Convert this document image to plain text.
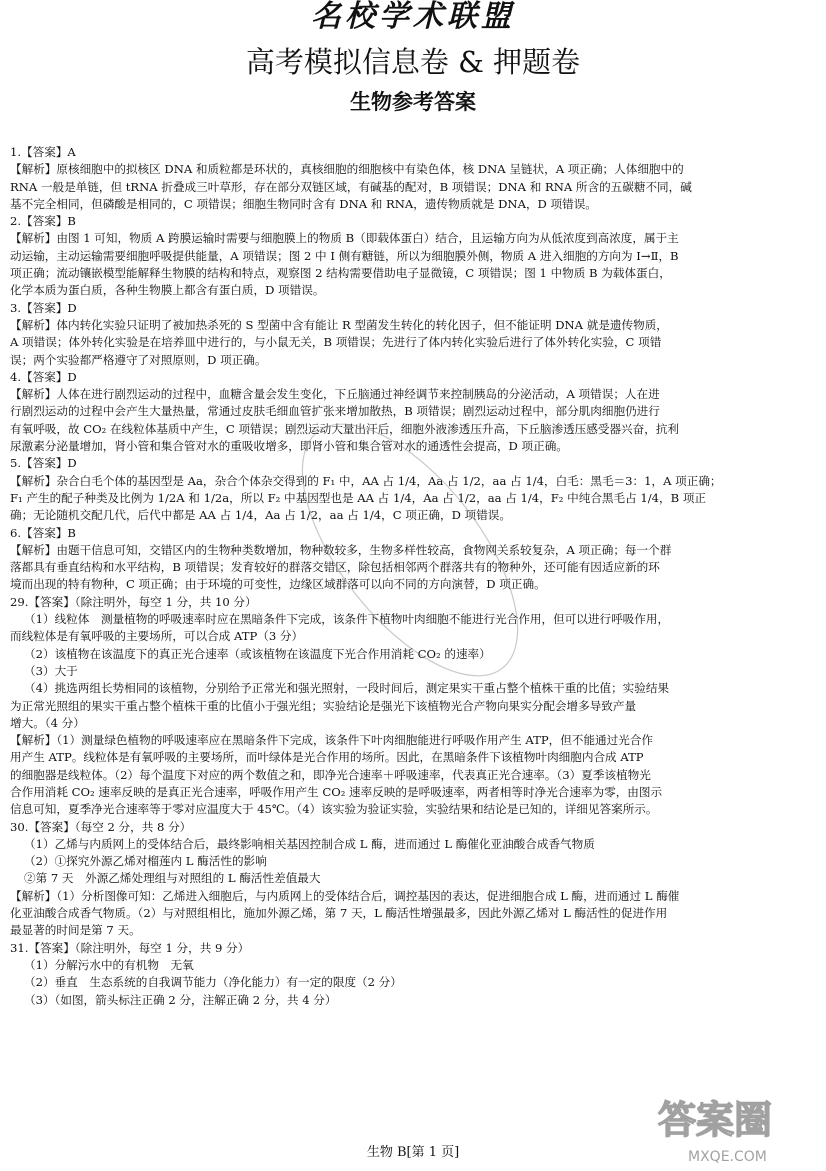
名校学术联盟
高考模拟信息卷 & 押题卷
生物参考答案
1.【答案】A
【解析】原核细胞中的拟核区 DNA 和质粒都是环状的，真核细胞的细胞核中有染色体，核 DNA 呈链状，A 项正确；人体细胞中的
RNA 一般是单链，但 tRNA 折叠成三叶草形，存在部分双链区域，有碱基的配对，B 项错误；DNA 和 RNA 所含的五碳糖不同，碱
基不完全相同，但磷酸是相同的，C 项错误；细胞生物同时含有 DNA 和 RNA，遗传物质就是 DNA，D 项错误。
2.【答案】B
【解析】由图 1 可知，物质 A 跨膜运输时需要与细胞膜上的物质 B（即载体蛋白）结合，且运输方向为从低浓度到高浓度，属于主
动运输，主动运输需要细胞呼吸提供能量，A 项错误；图 2 中 I 侧有糖链，所以为细胞膜外侧，物质 A 进入细胞的方向为 I→Ⅱ，B
项正确；流动镶嵌模型能解释生物膜的结构和特点，观察图 2 结构需要借助电子显微镜，C 项错误；图 1 中物质 B 为载体蛋白，
化学本质为蛋白质，各种生物膜上都含有蛋白质，D 项错误。
3.【答案】D
【解析】体内转化实验只证明了被加热杀死的 S 型菌中含有能让 R 型菌发生转化的转化因子，但不能证明 DNA 就是遗传物质，
A 项错误；体外转化实验是在培养皿中进行的，与小鼠无关，B 项错误；先进行了体内转化实验后进行了体外转化实验，C 项错
误；两个实验都严格遵守了对照原则，D 项正确。
4.【答案】D
【解析】人体在进行剧烈运动的过程中，血糖含量会发生变化，下丘脑通过神经调节来控制胰岛的分泌活动，A 项错误；人在进
行剧烈运动的过程中会产生大量热量，常通过皮肤毛细血管扩张来增加散热，B 项错误；剧烈运动过程中，部分肌肉细胞仍进行
有氧呼吸，故 CO₂ 在线粒体基质中产生，C 项错误；剧烈运动大量出汗后，细胞外液渗透压升高，下丘脑渗透压感受器兴奋，抗利
尿激素分泌量增加，肾小管和集合管对水的重吸收增多，即肾小管和集合管对水的通透性会提高，D 项正确。
5.【答案】D
【解析】杂合白毛个体的基因型是 Aa，杂合个体杂交得到的 F₁ 中，AA 占 1/4，Aa 占 1/2，aa 占 1/4，白毛：黑毛＝3：1，A 项正确；
F₁ 产生的配子种类及比例为 1/2A 和 1/2a，所以 F₂ 中基因型也是 AA 占 1/4，Aa 占 1/2，aa 占 1/4，F₂ 中纯合黑毛占 1/4，B 项正
确；无论随机交配几代，后代中都是 AA 占 1/4，Aa 占 1/2，aa 占 1/4，C 项正确，D 项错误。
6.【答案】B
【解析】由题干信息可知，交错区内的生物种类数增加，物种数较多，生物多样性较高，食物网关系较复杂，A 项正确；每一个群
落都具有垂直结构和水平结构，B 项错误；发育较好的群落交错区，除包括相邻两个群落共有的物种外，还可能有因适应新的环
境而出现的特有物种，C 项正确；由于环境的可变性，边缘区域群落可以向不同的方向演替，D 项正确。
29.【答案】（除注明外，每空 1 分，共 10 分）
（1）线粒体　测量植物的呼吸速率时应在黑暗条件下完成，该条件下植物叶肉细胞不能进行光合作用，但可以进行呼吸作用，
而线粒体是有氧呼吸的主要场所，可以合成 ATP（3 分）
（2）该植物在该温度下的真正光合速率（或该植物在该温度下光合作用消耗 CO₂ 的速率）
（3）大于
（4）挑选两组长势相同的该植物，分别给予正常光和强光照射，一段时间后，测定果实干重占整个植株干重的比值；实验结果
为正常光照组的果实干重占整个植株干重的比值小于强光组；实验结论是强光下该植物光合产物向果实分配会增多导致产量
增大。（4 分）
【解析】（1）测量绿色植物的呼吸速率应在黑暗条件下完成，该条件下叶肉细胞能进行呼吸作用产生 ATP，但不能通过光合作
用产生 ATP。线粒体是有氧呼吸的主要场所，而叶绿体是光合作用的场所。因此，在黑暗条件下该植物叶肉细胞内合成 ATP
的细胞器是线粒体。（2）每个温度下对应的两个数值之和，即净光合速率＋呼吸速率，代表真正光合速率。（3）夏季该植物光
合作用消耗 CO₂ 速率反映的是真正光合速率，呼吸作用产生 CO₂ 速率反映的是呼吸速率，两者相等时净光合速率为零，由图示
信息可知，夏季净光合速率等于零对应温度大于 45℃。（4）该实验为验证实验，实验结果和结论是已知的，详细见答案所示。
30.【答案】（每空 2 分，共 8 分）
（1）乙烯与内质网上的受体结合后，最终影响相关基因控制合成 L 酶，进而通过 L 酶催化亚油酸合成香气物质
（2）①探究外源乙烯对榴莲内 L 酶活性的影响
②第 7 天　外源乙烯处理组与对照组的 L 酶活性差值最大
【解析】（1）分析图像可知：乙烯进入细胞后，与内质网上的受体结合后，调控基因的表达，促进细胞合成 L 酶，进而通过 L 酶催
化亚油酸合成香气物质。（2）与对照组相比，施加外源乙烯，第 7 天，L 酶活性增强最多，因此外源乙烯对 L 酶活性的促进作用
最显著的时间是第 7 天。
31.【答案】（除注明外，每空 1 分，共 9 分）
（1）分解污水中的有机物　无氧
（2）垂直　生态系统的自我调节能力（净化能力）有一定的限度（2 分）
（3）（如图，箭头标注正确 2 分，注解正确 2 分，共 4 分）
答案圈
MXQE.COM
生物 B[第 1 页]
